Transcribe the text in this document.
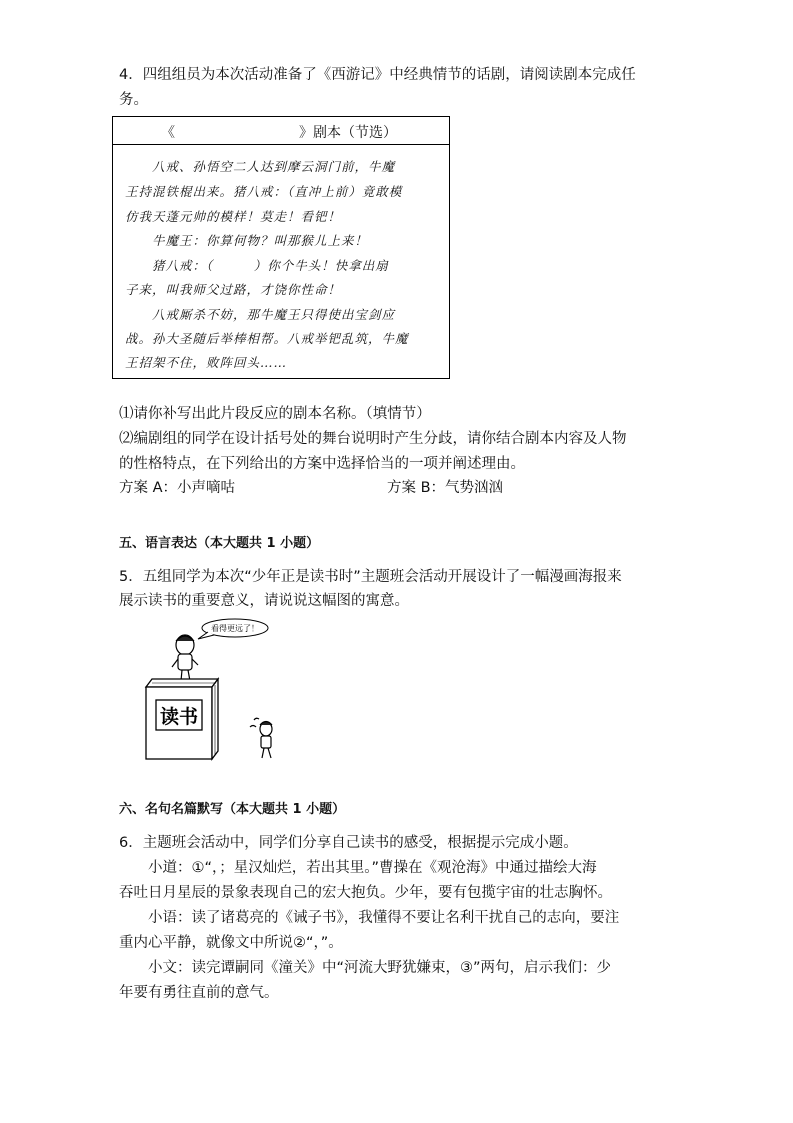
4．四组组员为本次活动准备了《西游记》中经典情节的话剧，请阅读剧本完成任
务。
《	》剧本（节选）
　　八戒、孙悟空二人达到摩云洞门前，牛魔
王持混铁棍出来。猪八戒：（直冲上前）竟敢模
仿我天蓬元帅的模样！莫走！看钯！
　　牛魔王：你算何物？叫那猴儿上来！
　　猪八戒：（　　　）你个牛头！快拿出扇
子来，叫我师父过路，才饶你性命！
　　八戒厮杀不妨，那牛魔王只得使出宝剑应
战。孙大圣随后举棒相帮。八戒举钯乱筑，牛魔
王招架不住，败阵回头……
⑴请你补写出此片段反应的剧本名称。（填情节）
⑵编剧组的同学在设计括号处的舞台说明时产生分歧，请你结合剧本内容及人物
的性格特点，在下列给出的方案中选择恰当的一项并阐述理由。
方案 A：小声嘀咕	方案 B：气势汹汹
五、语言表达（本大题共 1 小题）
5．五组同学为本次“少年正是读书时”主题班会活动开展设计了一幅漫画海报来
展示读书的重要意义，请说说这幅图的寓意。
看得更远了！
读书
六、名句名篇默写（本大题共 1 小题）
6．主题班会活动中，同学们分享自己读书的感受，根据提示完成小题。
　　小道：①“，；星汉灿烂，若出其里。”曹操在《观沧海》中通过描绘大海
吞吐日月星辰的景象表现自己的宏大抱负。少年，要有包揽宇宙的壮志胸怀。
　　小语：读了诸葛亮的《诫子书》，我懂得不要让名利干扰自己的志向，要注
重内心平静，就像文中所说②“，”。
　　小文：读完谭嗣同《潼关》中“河流大野犹嫌束，③”两句，启示我们：少
年要有勇往直前的意气。
